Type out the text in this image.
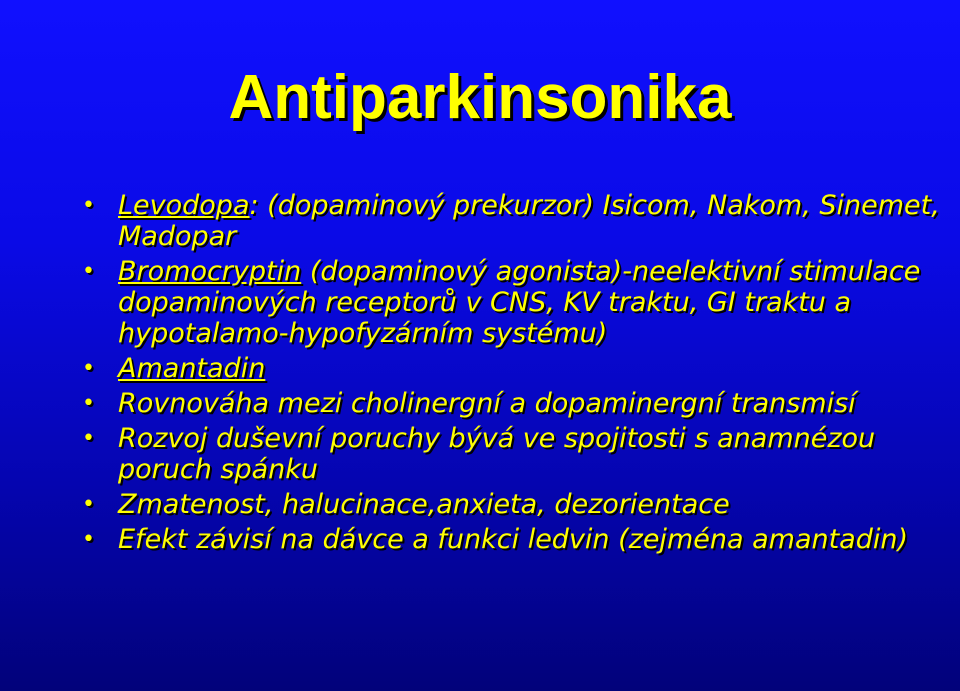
Antiparkinsonika
• Levodopa: (dopaminový prekurzor) Isicom, Nakom, Sinemet, Madopar
• Bromocryptin (dopaminový agonista)-neelektivní stimulace dopaminových receptorů v CNS, KV traktu, GI traktu a hypotalamo-hypofyzárním systému)
• Amantadin
• Rovnováha mezi cholinergní a dopaminergní transmisí
• Rozvoj duševní poruchy bývá ve spojitosti s anamnézou poruch spánku
• Zmatenost, halucinace,anxieta, dezorientace
• Efekt závisí na dávce a funkci ledvin (zejména amantadin)
